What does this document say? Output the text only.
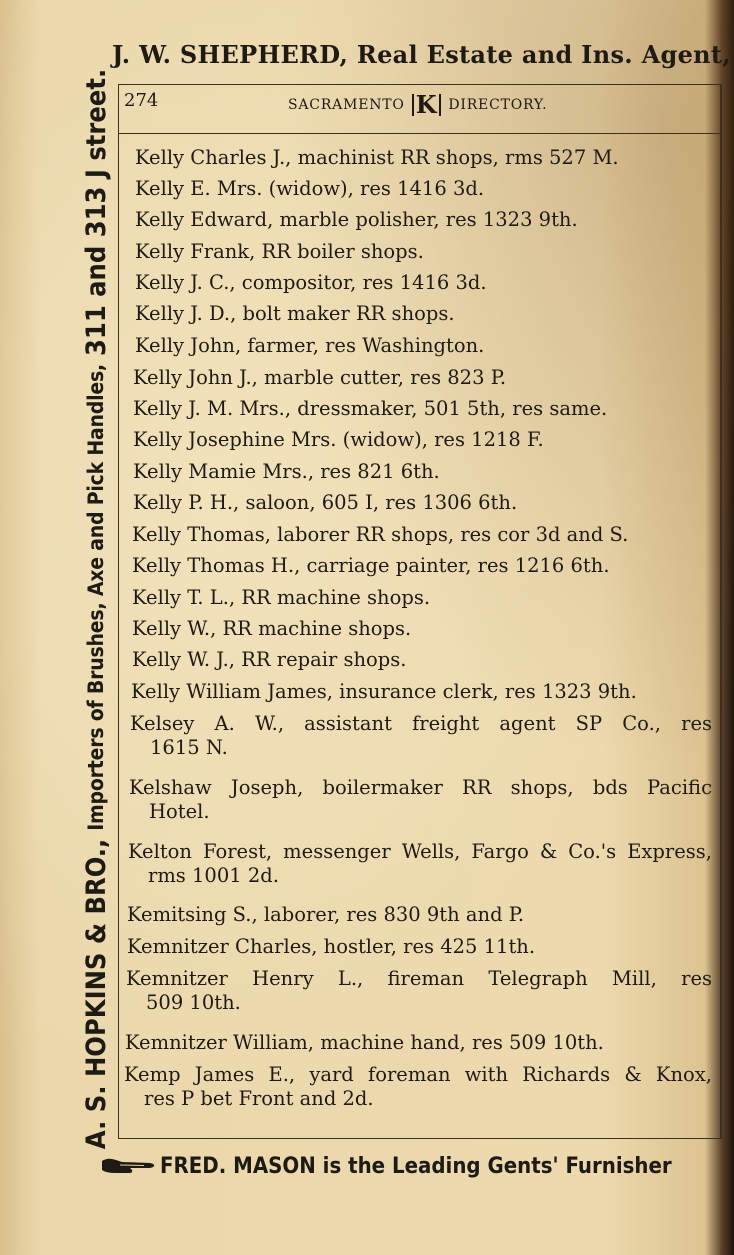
J. W. SHEPHERD, Real Estate and Ins. Agent,
A. S. HOPKINS & BRO.,
Importers of Brushes, Axe and Pick Handles,
311 and 313 J street. 274	SACRAMENTO K DIRECTORY.
Kelly Charles J., machinist RR shops, rms 527 M.
Kelly E. Mrs. (widow), res 1416 3d.
Kelly Edward, marble polisher, res 1323 9th.
Kelly Frank, RR boiler shops.
Kelly J. C., compositor, res 1416 3d.
Kelly J. D., bolt maker RR shops.
Kelly John, farmer, res Washington.
Kelly John J., marble cutter, res 823 P.
Kelly J. M. Mrs., dressmaker, 501 5th, res same.
Kelly Josephine Mrs. (widow), res 1218 F.
Kelly Mamie Mrs., res 821 6th.
Kelly P. H., saloon, 605 I, res 1306 6th.
Kelly Thomas, laborer RR shops, res cor 3d and S.
Kelly Thomas H., carriage painter, res 1216 6th.
Kelly T. L., RR machine shops.
Kelly W., RR machine shops.
Kelly W. J., RR repair shops.
Kelly William James, insurance clerk, res 1323 9th.
Kelsey A. W., assistant freight agent SP Co., res
1615 N.
Kelshaw Joseph, boilermaker RR shops, bds Pacific
Hotel.
Kelton Forest, messenger Wells, Fargo & Co.'s Express,
rms 1001 2d.
Kemitsing S., laborer, res 830 9th and P.
Kemnitzer Charles, hostler, res 425 11th.
Kemnitzer Henry L., fireman Telegraph Mill, res
509 10th.
Kemnitzer William, machine hand, res 509 10th.
Kemp James E., yard foreman with Richards & Knox,
res P bet Front and 2d.
FRED. MASON is the Leading Gents' Furnisher
